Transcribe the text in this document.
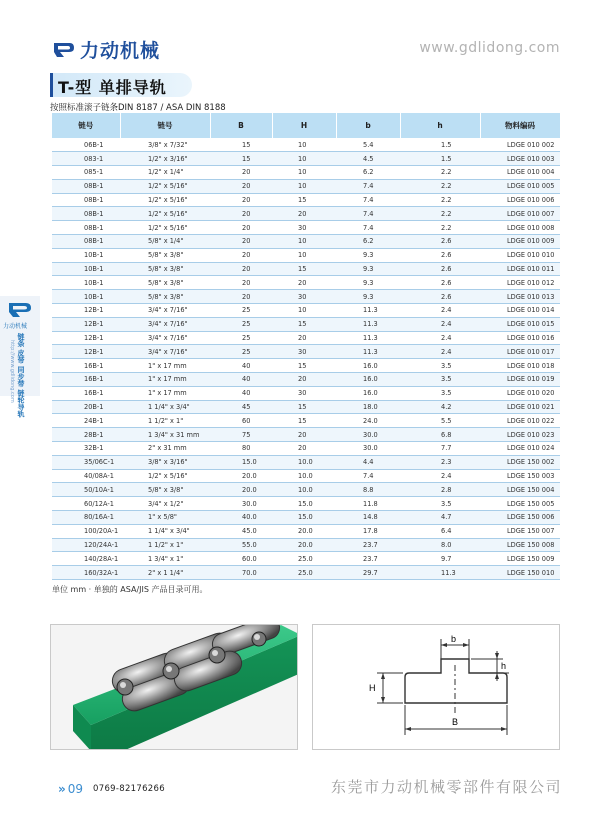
力动机械	www.gdlidong.com
力动机械
http://www.gdlidong.com 链条 皮带 同步带 链轮导轨
T-型 单排导轨
按照标准滚子链条DIN 8187 / ASA DIN 8188
链号	链号	B	H	b	h	物料编码
06B-1	3/8" x 7/32"	15	10	5.4	1.5	LDGE 010 002
083-1	1/2" x 3/16"	15	10	4.5	1.5	LDGE 010 003
085-1	1/2" x 1/4"	20	10	6.2	2.2	LDGE 010 004
08B-1	1/2" x 5/16"	20	10	7.4	2.2	LDGE 010 005
08B-1	1/2" x 5/16"	20	15	7.4	2.2	LDGE 010 006
08B-1	1/2" x 5/16"	20	20	7.4	2.2	LDGE 010 007
08B-1	1/2" x 5/16"	20	30	7.4	2.2	LDGE 010 008
08B-1	5/8" x 1/4"	20	10	6.2	2.6	LDGE 010 009
10B-1	5/8" x 3/8"	20	10	9.3	2.6	LDGE 010 010
10B-1	5/8" x 3/8"	20	15	9.3	2.6	LDGE 010 011
10B-1	5/8" x 3/8"	20	20	9.3	2.6	LDGE 010 012
10B-1	5/8" x 3/8"	20	30	9.3	2.6	LDGE 010 013
12B-1	3/4" x 7/16"	25	10	11.3	2.4	LDGE 010 014
12B-1	3/4" x 7/16"	25	15	11.3	2.4	LDGE 010 015
12B-1	3/4" x 7/16"	25	20	11.3	2.4	LDGE 010 016
12B-1	3/4" x 7/16"	25	30	11.3	2.4	LDGE 010 017
16B-1	1" x 17 mm	40	15	16.0	3.5	LDGE 010 018
16B-1	1" x 17 mm	40	20	16.0	3.5	LDGE 010 019
16B-1	1" x 17 mm	40	30	16.0	3.5	LDGE 010 020
20B-1	1 1/4" x 3/4"	45	15	18.0	4.2	LDGE 010 021
24B-1	1 1/2" x 1"	60	15	24.0	5.5	LDGE 010 022
28B-1	1 3/4" x 31 mm	75	20	30.0	6.8	LDGE 010 023
32B-1	2" x 31 mm	80	20	30.0	7.7	LDGE 010 024
35/06C-1	3/8" x 3/16"	15.0	10.0	4.4	2.3	LDGE 150 002
40/08A-1	1/2" x 5/16"	20.0	10.0	7.4	2.4	LDGE 150 003
50/10A-1	5/8" x 3/8"	20.0	10.0	8.8	2.8	LDGE 150 004
60/12A-1	3/4" x 1/2"	30.0	15.0	11.8	3.5	LDGE 150 005
80/16A-1	1" x 5/8"	40.0	15.0	14.8	4.7	LDGE 150 006
100/20A-1	1 1/4" x 3/4"	45.0	20.0	17.8	6.4	LDGE 150 007
120/24A-1	1 1/2" x 1"	55.0	20.0	23.7	8.0	LDGE 150 008
140/28A-1	1 3/4" x 1"	60.0	25.0	23.7	9.7	LDGE 150 009
160/32A-1	2" x 1 1/4"	70.0	25.0	29.7	11.3	LDGE 150 010
单位 mm · 单独的 ASA/JIS 产品目录可用。
b
h
H
B
» 09 0769-82176266	东莞市力动机械零部件有限公司
